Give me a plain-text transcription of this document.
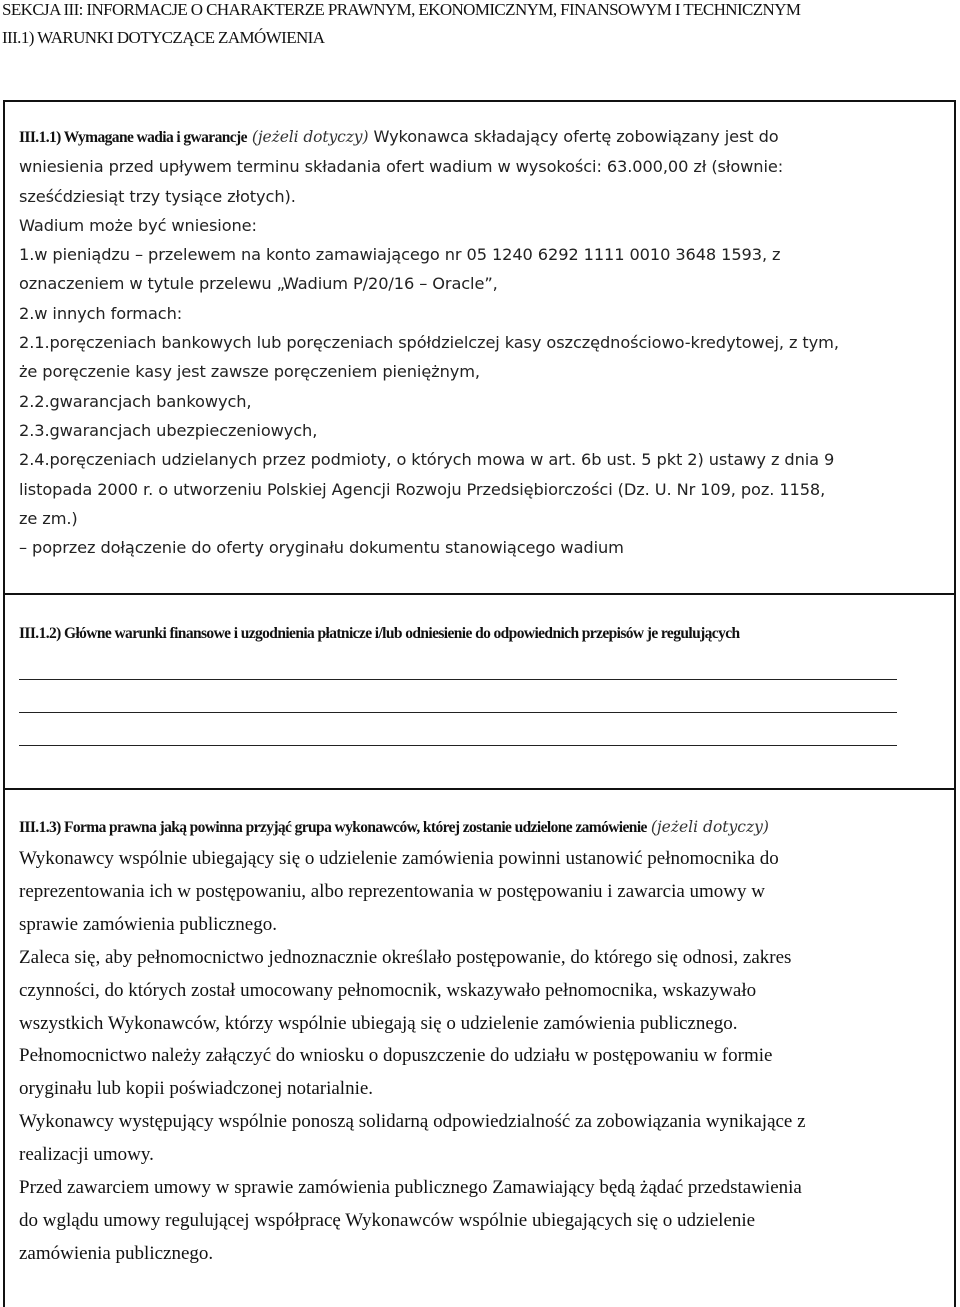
SEKCJA III: INFORMACJE O CHARAKTERZE PRAWNYM, EKONOMICZNYM, FINANSOWYM I TECHNICZNYM
III.1) WARUNKI DOTYCZĄCE ZAMÓWIENIA
III.1.1) Wymagane wadia i gwarancje (jeżeli dotyczy) Wykonawca składający ofertę zobowiązany jest do
wniesienia przed upływem terminu składania ofert wadium w wysokości: 63.000,00 zł (słownie:
sześćdziesiąt trzy tysiące złotych).
Wadium może być wniesione:
1.w pieniądzu – przelewem na konto zamawiającego nr 05 1240 6292 1111 0010 3648 1593, z
oznaczeniem w tytule przelewu „Wadium P/20/16 – Oracle”,
2.w innych formach:
2.1.poręczeniach bankowych lub poręczeniach spółdzielczej kasy oszczędnościowo-kredytowej, z tym,
że poręczenie kasy jest zawsze poręczeniem pieniężnym,
2.2.gwarancjach bankowych,
2.3.gwarancjach ubezpieczeniowych,
2.4.poręczeniach udzielanych przez podmioty, o których mowa w art. 6b ust. 5 pkt 2) ustawy z dnia 9
listopada 2000 r. o utworzeniu Polskiej Agencji Rozwoju Przedsiębiorczości (Dz. U. Nr 109, poz. 1158,
ze zm.)
– poprzez dołączenie do oferty oryginału dokumentu stanowiącego wadium
III.1.2) Główne warunki finansowe i uzgodnienia płatnicze i/lub odniesienie do odpowiednich przepisów je regulujących
III.1.3) Forma prawna jaką powinna przyjąć grupa wykonawców, której zostanie udzielone zamówienie (jeżeli dotyczy)
Wykonawcy wspólnie ubiegający się o udzielenie zamówienia powinni ustanowić pełnomocnika do
reprezentowania ich w postępowaniu, albo reprezentowania w postępowaniu i zawarcia umowy w
sprawie zamówienia publicznego.
Zaleca się, aby pełnomocnictwo jednoznacznie określało postępowanie, do którego się odnosi, zakres
czynności, do których został umocowany pełnomocnik, wskazywało pełnomocnika, wskazywało
wszystkich Wykonawców, którzy wspólnie ubiegają się o udzielenie zamówienia publicznego.
Pełnomocnictwo należy załączyć do wniosku o dopuszczenie do udziału w postępowaniu w formie
oryginału lub kopii poświadczonej notarialnie.
Wykonawcy występujący wspólnie ponoszą solidarną odpowiedzialność za zobowiązania wynikające z
realizacji umowy.
Przed zawarciem umowy w sprawie zamówienia publicznego Zamawiający będą żądać przedstawienia
do wglądu umowy regulującej współpracę Wykonawców wspólnie ubiegających się o udzielenie
zamówienia publicznego.
